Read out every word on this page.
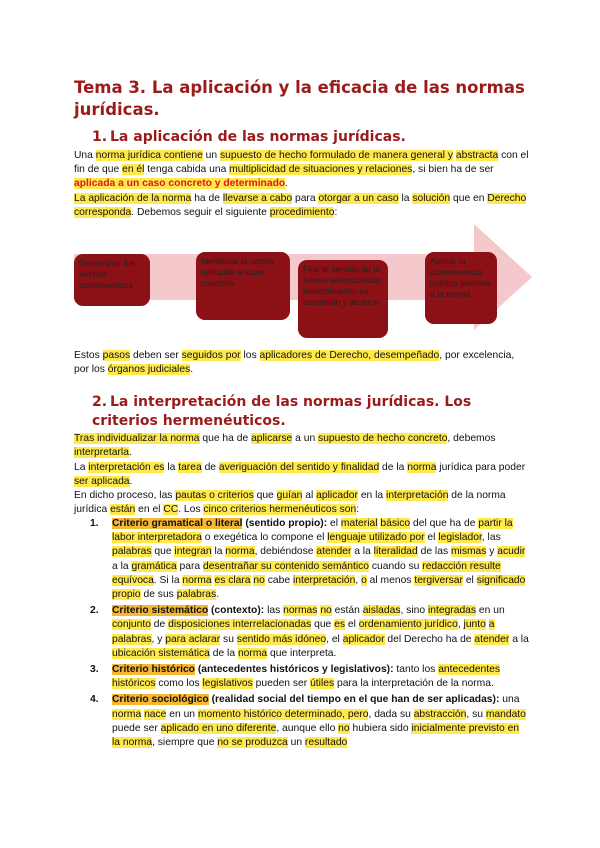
Tema 3. La aplicación y la eficacia de las normas jurídicas.
1. La aplicación de las normas jurídicas.

Una norma jurídica contiene un supuesto de hecho formulado de manera general y abstracta con el fin de que en él tenga cabida una multiplicidad de situaciones y relaciones, si bien ha de ser aplicada a un caso concreto y determinado.

La aplicación de la norma ha de llevarse a cabo para otorgar a un caso la solución que en Derecho corresponda. Debemos seguir el siguiente procedimiento:

Determinar los hechos controvertidos
Identificar la norma aplicable al caso concreto
Fijar el sentido de la norma seleccionada: determinación su contenido y alcance
Aplicar la consecuencia jurídica prevista a la norma

Estos pasos deben ser seguidos por los aplicadores de Derecho, desempeñado, por excelencia, por los órganos judiciales.

2. La interpretación de las normas jurídicas. Los criterios hermenéuticos.

Tras individualizar la norma que ha de aplicarse a un supuesto de hecho concreto, debemos interpretarla.

La interpretación es la tarea de averiguación del sentido y finalidad de la norma jurídica para poder ser aplicada.

En dicho proceso, las pautas o criterios que guían al aplicador en la interpretación de la norma jurídica están en el CC. Los cinco criterios hermenéuticos son:

1. Criterio gramatical o literal (sentido propio): el material básico del que ha de partir la labor interpretadora o exegética lo compone el lenguaje utilizado por el legislador, las palabras que integran la norma, debiéndose atender a la literalidad de las mismas y acudir a la gramática para desentrañar su contenido semántico cuando su redacción resulte equívoca. Si la norma es clara no cabe interpretación, o al menos tergiversar el significado propio de sus palabras.
2. Criterio sistemático (contexto): las normas no están aisladas, sino integradas en un conjunto de disposiciones interrelacionadas que es el ordenamiento jurídico, junto a palabras, y para aclarar su sentido más idóneo, el aplicador del Derecho ha de atender a la ubicación sistemática de la norma que interpreta.
3. Criterio histórico (antecedentes históricos y legislativos): tanto los antecedentes históricos como los legislativos pueden ser útiles para la interpretación de la norma.
4. Criterio sociológico (realidad social del tiempo en el que han de ser aplicadas): una norma nace en un momento histórico determinado, pero, dada su abstracción, su mandato puede ser aplicado en uno diferente, aunque ello no hubiera sido inicialmente previsto en la norma, siempre que no se produzca un resultado
